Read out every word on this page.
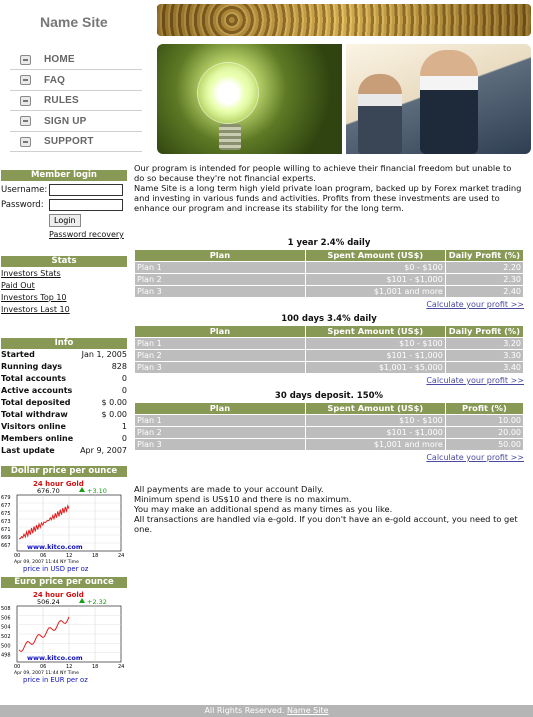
Name Site
HOME
FAQ
RULES
SIGN UP
SUPPORT
Member login
Username:
Password:
Login
Password recovery
Stats
Investors Stats
Paid Out
Investors Top 10
Investors Last 10
Info
Started	Jan 1, 2005
Running days	828
Total accounts	0
Active accounts	0
Total deposited	$ 0.00
Total withdraw	$ 0.00
Visitors online	1
Members online	0
Last update	Apr 9, 2007
Dollar price per ounce
24 hour Gold
676.70	+3.10
679
677
675
673
671
669
667
00	06	12	18	24
www.kitco.com
Apr 09, 2007 11:44 NY Time
price in USD per oz
Euro price per ounce
24 hour Gold
506.24	+2.32
508
506
504
502
500
498
00	06	12	18	24
www.kitco.com
Apr 09, 2007 11:44 NY Time
price in EUR per oz

Our program is intended for people willing to achieve their financial freedom but unable to do so because they're not financial experts.

Name Site is a long term high yield private loan program, backed up by Forex market trading and investing in various funds and activities. Profits from these investments are used to enhance our program and increase its stability for the long term.

1 year 2.4% daily
Plan	Spent Amount (US$)	Daily Profit (%)
Plan 1	$0 - $100	2.20
Plan 2	$101 - $1,000	2.30
Plan 3	$1,001 and more	2.40
Calculate your profit >>
100 days 3.4% daily
Plan	Spent Amount (US$)	Daily Profit (%)
Plan 1	$10 - $100	3.20
Plan 2	$101 - $1,000	3.30
Plan 3	$1,001 - $5,000	3.40
Calculate your profit >>
30 days deposit. 150%
Plan	Spent Amount (US$)	Profit (%)
Plan 1	$10 - $100	10.00
Plan 2	$101 - $1,000	20.00
Plan 3	$1,001 and more	50.00
Calculate your profit >>

All payments are made to your account Daily.

Minimum spend is US$10 and there is no maximum.

You may make an additional spend as many times as you like.

All transactions are handled via e-gold. If you don't have an e-gold account, you need to get one.

All Rights Reserved. Name Site
